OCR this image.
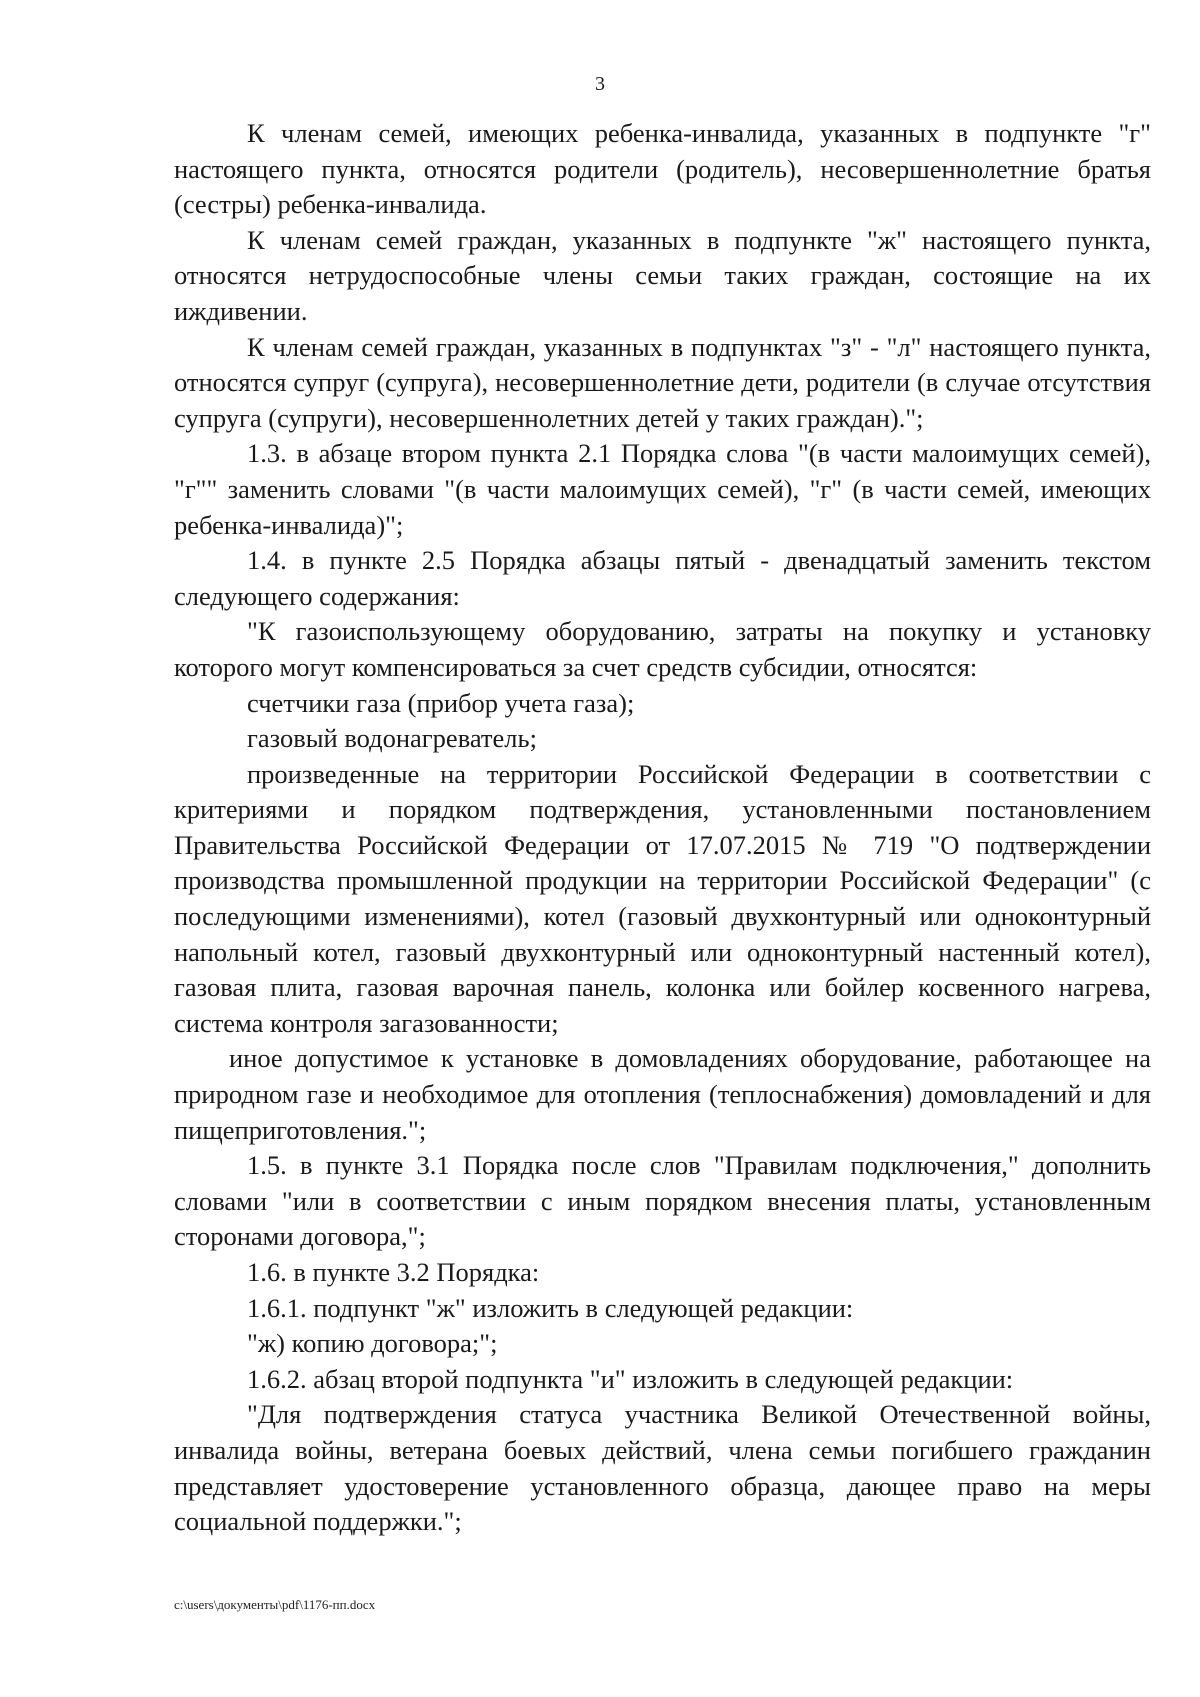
3

К членам семей, имеющих ребенка-инвалида, указанных в подпункте "г" настоящего пункта, относятся родители (родитель), несовершеннолетние братья (сестры) ребенка-инвалида.

К членам семей граждан, указанных в подпункте "ж" настоящего пункта, относятся нетрудоспособные члены семьи таких граждан, состоящие на их иждивении.

К членам семей граждан, указанных в подпунктах "з" - "л" настоящего пункта, относятся супруг (супруга), несовершеннолетние дети, родители (в случае отсутствия супруга (супруги), несовершеннолетних детей у таких граждан).";

1.3. в абзаце втором пункта 2.1 Порядка слова "(в части малоимущих семей), "г"" заменить словами "(в части малоимущих семей), "г" (в части семей, имеющих ребенка-инвалида)";

1.4. в пункте 2.5 Порядка абзацы пятый - двенадцатый заменить текстом следующего содержания:

"К газоиспользующему оборудованию, затраты на покупку и установку которого могут компенсироваться за счет средств субсидии, относятся:

счетчики газа (прибор учета газа);

газовый водонагреватель;

произведенные на территории Российской Федерации в соответствии с критериями и порядком подтверждения, установленными постановлением Правительства Российской Федерации от 17.07.2015 № 719 "О подтверждении производства промышленной продукции на территории Российской Федерации" (с последующими изменениями), котел (газовый двухконтурный или одноконтурный напольный котел, газовый двухконтурный или одноконтурный настенный котел), газовая плита, газовая варочная панель, колонка или бойлер косвенного нагрева, система контроля загазованности;

иное допустимое к установке в домовладениях оборудование, работающее на природном газе и необходимое для отопления (теплоснабжения) домовладений и для пищеприготовления.";

1.5. в пункте 3.1 Порядка после слов "Правилам подключения," дополнить словами "или в соответствии с иным порядком внесения платы, установленным сторонами договора,";

1.6. в пункте 3.2 Порядка:

1.6.1. подпункт "ж" изложить в следующей редакции:

"ж) копию договора;";

1.6.2. абзац второй подпункта "и" изложить в следующей редакции:

"Для подтверждения статуса участника Великой Отечественной войны, инвалида войны, ветерана боевых действий, члена семьи погибшего гражданин представляет удостоверение установленного образца, дающее право на меры социальной поддержки.";

c:\users\документы\pdf\1176-пп.docx
